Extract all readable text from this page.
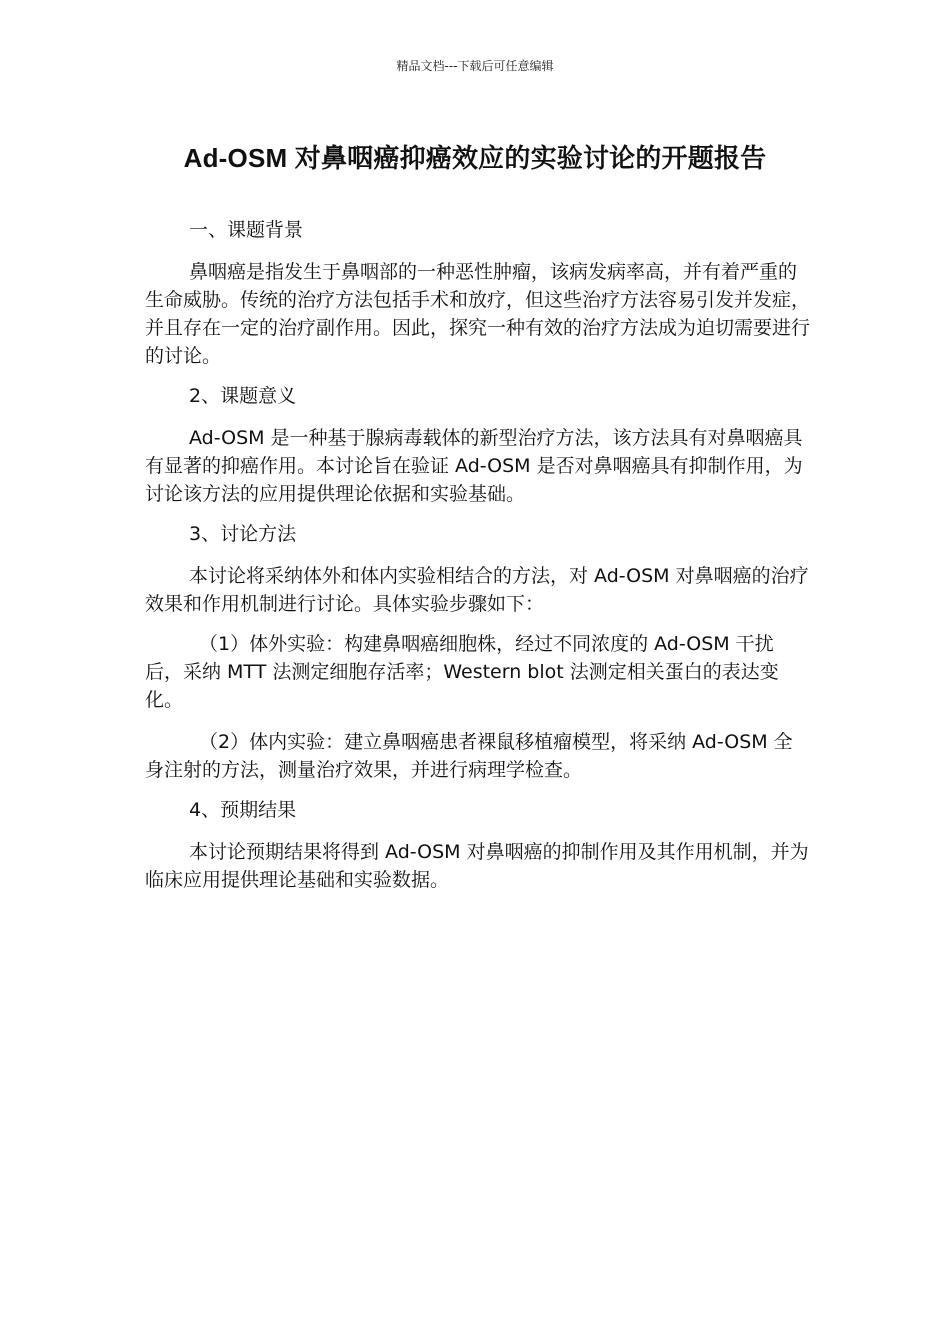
精品文档---下载后可任意编辑
Ad-OSM 对鼻咽癌抑癌效应的实验讨论的开题报告

一、课题背景

鼻咽癌是指发生于鼻咽部的一种恶性肿瘤，该病发病率高，并有着严重的生命威胁。传统的治疗方法包括手术和放疗，但这些治疗方法容易引发并发症，并且存在一定的治疗副作用。因此，探究一种有效的治疗方法成为迫切需要进行的讨论。

2、课题意义

Ad-OSM 是一种基于腺病毒载体的新型治疗方法，该方法具有对鼻咽癌具有显著的抑癌作用。本讨论旨在验证 Ad-OSM 是否对鼻咽癌具有抑制作用，为讨论该方法的应用提供理论依据和实验基础。

3、讨论方法

本讨论将采纳体外和体内实验相结合的方法，对 Ad-OSM 对鼻咽癌的治疗效果和作用机制进行讨论。具体实验步骤如下：

（1）体外实验：构建鼻咽癌细胞株，经过不同浓度的 Ad-OSM 干扰后，采纳 MTT 法测定细胞存活率；Western blot 法测定相关蛋白的表达变化。

（2）体内实验：建立鼻咽癌患者裸鼠移植瘤模型，将采纳 Ad-OSM 全身注射的方法，测量治疗效果，并进行病理学检查。

4、预期结果

本讨论预期结果将得到 Ad-OSM 对鼻咽癌的抑制作用及其作用机制，并为临床应用提供理论基础和实验数据。
